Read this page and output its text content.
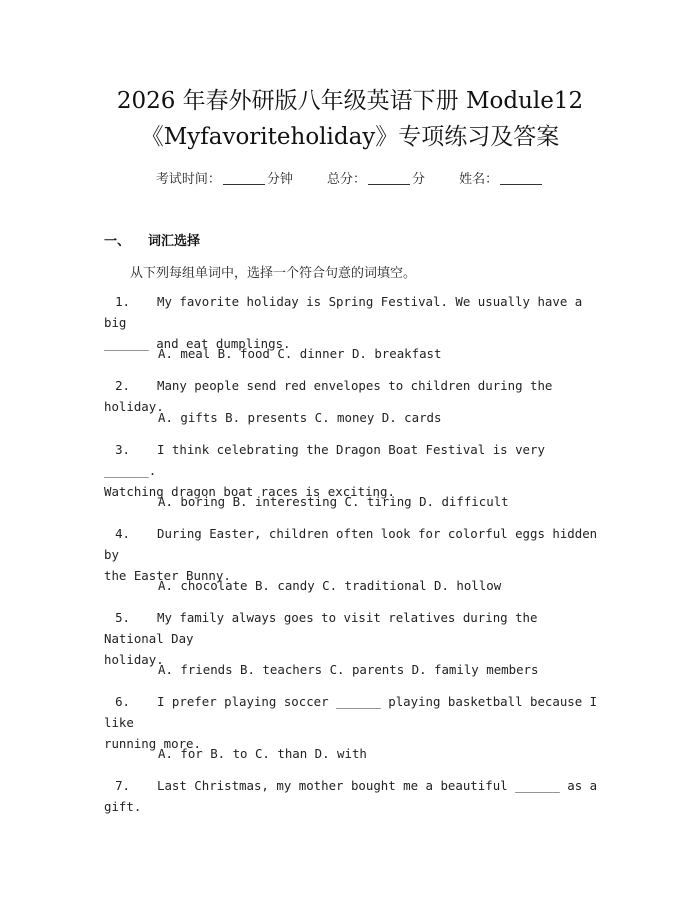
2026 年春外研版八年级英语下册 Module12
《Myfavoriteholiday》专项练习及答案
考试时间：	分钟	总分：	分	姓名：
一、 词汇选择
从下列每组单词中，选择一个符合句意的词填空。
1. My favorite holiday is Spring Festival. We usually have a big
______ and eat dumplings.
A. meal B. food C. dinner D. breakfast
2. Many people send red envelopes to children during the holiday.
A. gifts B. presents C. money D. cards
3. I think celebrating the Dragon Boat Festival is very ______.
Watching dragon boat races is exciting.
A. boring B. interesting C. tiring D. difficult
4. During Easter, children often look for colorful eggs hidden by
the Easter Bunny.
A. chocolate B. candy C. traditional D. hollow
5. My family always goes to visit relatives during the National Day
holiday.
A. friends B. teachers C. parents D. family members
6. I prefer playing soccer ______ playing basketball because I like
running more.
A. for B. to C. than D. with
7. Last Christmas, my mother bought me a beautiful ______ as a gift.
